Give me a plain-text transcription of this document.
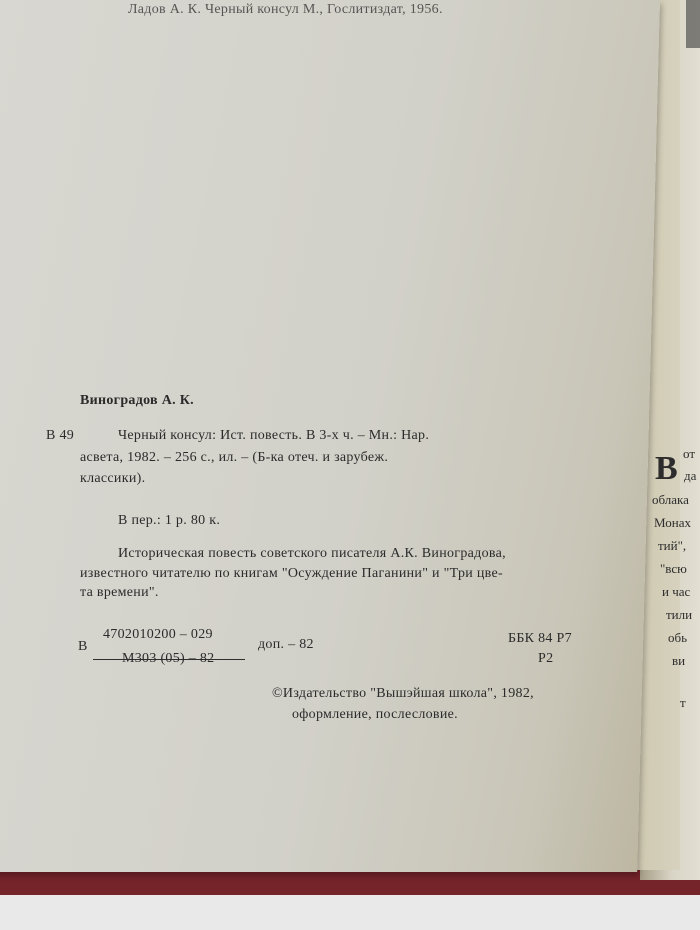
Ладов А. К. Черный консул М., Гослитиздат, 1956.
Виноградов А. К.
В 49	Черный консул: Ист. повесть. В 3-х ч. – Мн.: Нар.
асвета, 1982. – 256 с., ил. – (Б-ка отеч. и зарубеж.
классики).
В пер.: 1 р. 80 к.
Историческая повесть советского писателя А.К. Виноградова,
известного читателю по книгам "Осуждение Паганини" и "Три цве-
та времени".
В
4702010200 – 029
М303 (05) – 82
доп. – 82	ББК 84 Р7
Р2
©Издательство "Вышэйшая школа", 1982,
оформление, послесловие.
В от
да
облака
Монах
тий",
"всю
и час
тили
обь
ви
т
